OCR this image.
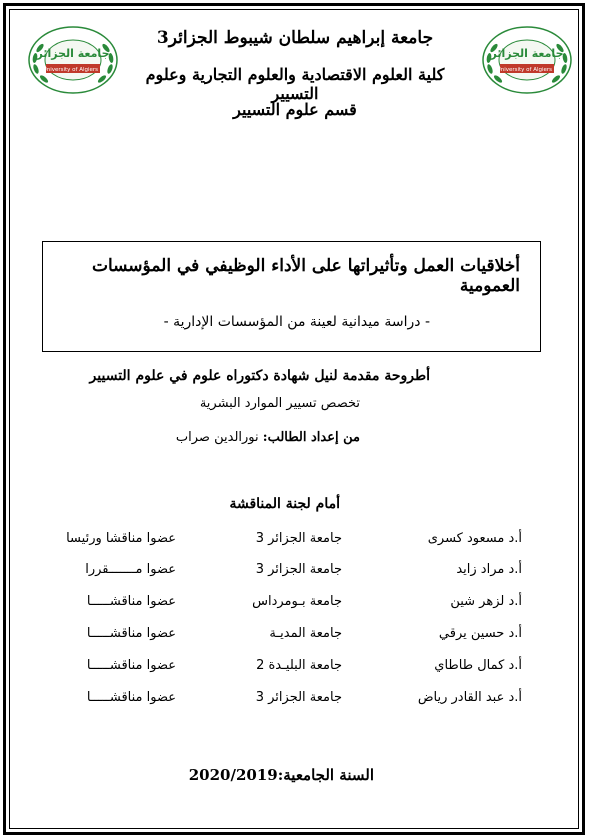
جامعة الجزائر
University of Algiers 3
جامعة الجزائر
University of Algiers 3
جامعة إبراهيم سلطان شيبوط الجزائر3
كلية العلوم الاقتصادية والعلوم التجارية وعلوم التسيير
قسم علوم التسيير
أخلاقيات العمل وتأثيراتها على الأداء الوظيفي في المؤسسات العمومية
- دراسة ميدانية لعينة من المؤسسات الإدارية -
أطروحة مقدمة لنيل شهادة دكتوراه علوم في علوم التسيير
تخصص تسيير الموارد البشرية
من إعداد الطالب: نورالدين صراب
أمام لجنة المناقشة
أ.د مسعود كسرى
جامعة الجزائر 3
عضوا مناقشا ورئيسا
أ.د مراد زايد
جامعة الجزائر 3
عضوا مـــــــقررا
أ.د لزهر شين
جامعة بـومرداس
عضوا مناقشـــــا
أ.د حسين يرقي
جامعة المديـة
عضوا مناقشـــــا
أ.د كمال طاطاي
جامعة البليـدة 2
عضوا مناقشـــــا
أ.د عبد القادر رياض
جامعة الجزائر 3
عضوا مناقشـــــا
السنة الجامعية:2020/2019
